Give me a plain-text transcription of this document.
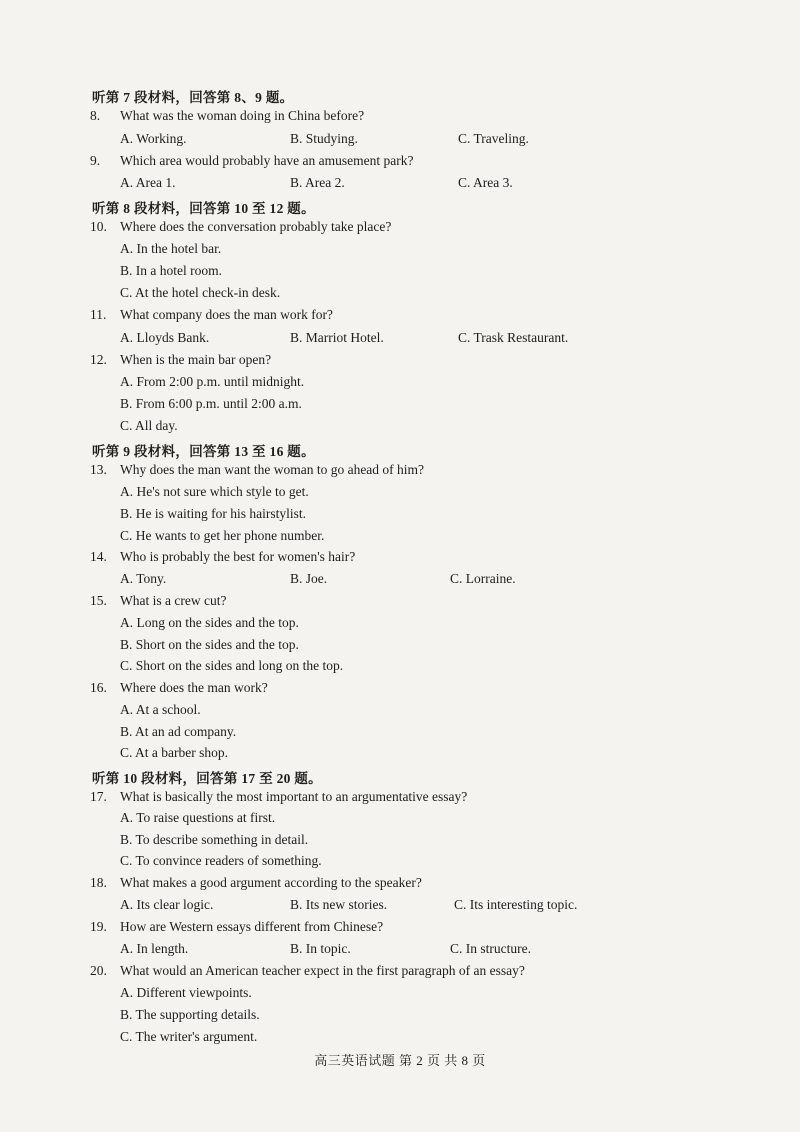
听第 7 段材料，回答第 8、9 题。
8. What was the woman doing in China before?
A. Working.	B. Studying.	C. Traveling.
9. Which area would probably have an amusement park?
A. Area 1.	B. Area 2.	C. Area 3.
听第 8 段材料，回答第 10 至 12 题。
10. Where does the conversation probably take place?
A. In the hotel bar.
B. In a hotel room.
C. At the hotel check-in desk.
11. What company does the man work for?
A. Lloyds Bank.	B. Marriot Hotel.	C. Trask Restaurant.
12. When is the main bar open?
A. From 2:00 p.m. until midnight.
B. From 6:00 p.m. until 2:00 a.m.
C. All day.
听第 9 段材料，回答第 13 至 16 题。
13. Why does the man want the woman to go ahead of him?
A. He's not sure which style to get.
B. He is waiting for his hairstylist.
C. He wants to get her phone number.
14. Who is probably the best for women's hair?
A. Tony.	B. Joe.	C. Lorraine.
15. What is a crew cut?
A. Long on the sides and the top.
B. Short on the sides and the top.
C. Short on the sides and long on the top.
16. Where does the man work?
A. At a school.
B. At an ad company.
C. At a barber shop.
听第 10 段材料，回答第 17 至 20 题。
17. What is basically the most important to an argumentative essay?
A. To raise questions at first.
B. To describe something in detail.
C. To convince readers of something.
18. What makes a good argument according to the speaker?
A. Its clear logic.	B. Its new stories.	C. Its interesting topic.
19. How are Western essays different from Chinese?
A. In length.	B. In topic.	C. In structure.
20. What would an American teacher expect in the first paragraph of an essay?
A. Different viewpoints.
B. The supporting details.
C. The writer's argument.
高三英语试题 第 2 页 共 8 页
